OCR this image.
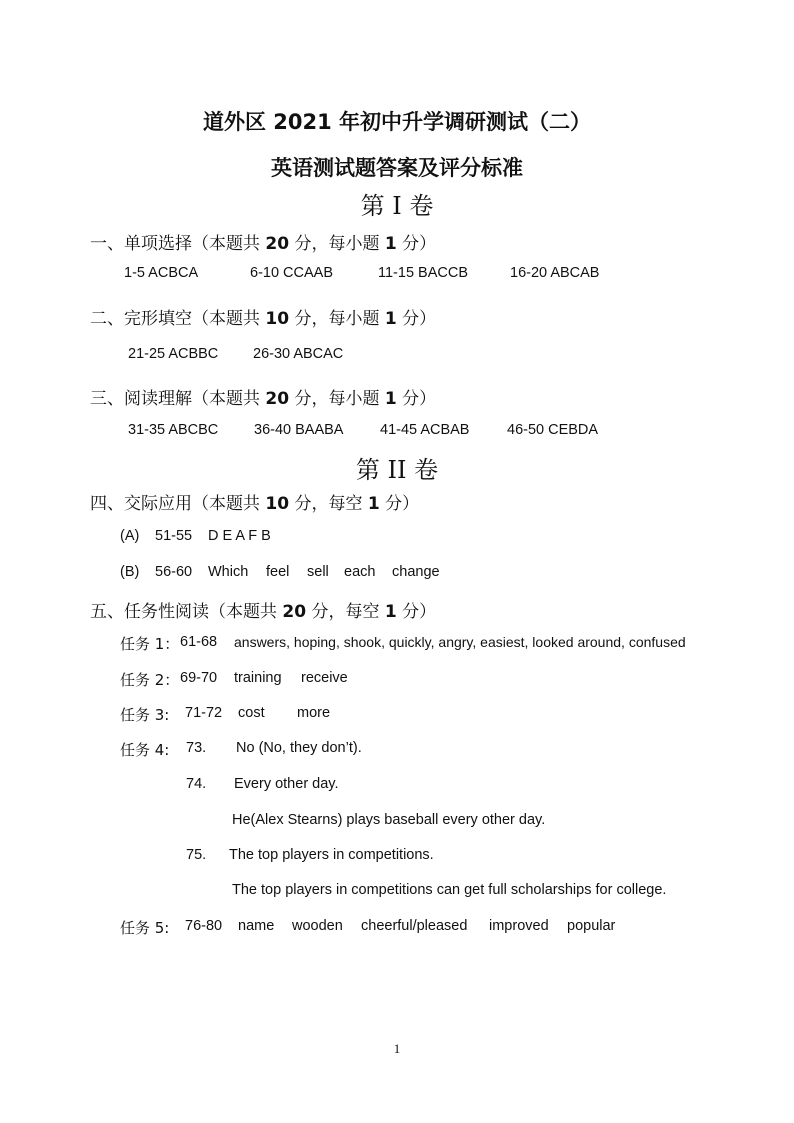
道外区 2021 年初中升学调研测试（二）
英语测试题答案及评分标准
第 I 卷
一、单项选择（本题共 20 分，每小题 1 分）
1-5 ACBCA	6-10 CCAAB	11-15 BACCB	16-20 ABCAB
二、完形填空（本题共 10 分，每小题 1 分）
21-25 ACBBC 26-30 ABCAC
三、阅读理解（本题共 20 分，每小题 1 分）
31-35 ABCBC 36-40 BAABA	41-45 ACBAB	46-50 CEBDA
第 II 卷
四、交际应用（本题共 10 分，每空 1 分）
(A) 51-55 D E A F B
(B) 56-60 Which feel sell each change
五、任务性阅读（本题共 20 分，每空 1 分）
任务 1： 61-68 answers, hoping, shook, quickly, angry, easiest, looked around, confused
任务 2： 69-70 training receive
任务 3: 71-72 cost more
任务 4: 73. No (No, they don’t).
74. Every other day.
He(Alex Stearns) plays baseball every other day.
75. The top players in competitions.
The top players in competitions can get full scholarships for college.
任务 5: 76-80 name wooden cheerful/pleased improved popular
1
